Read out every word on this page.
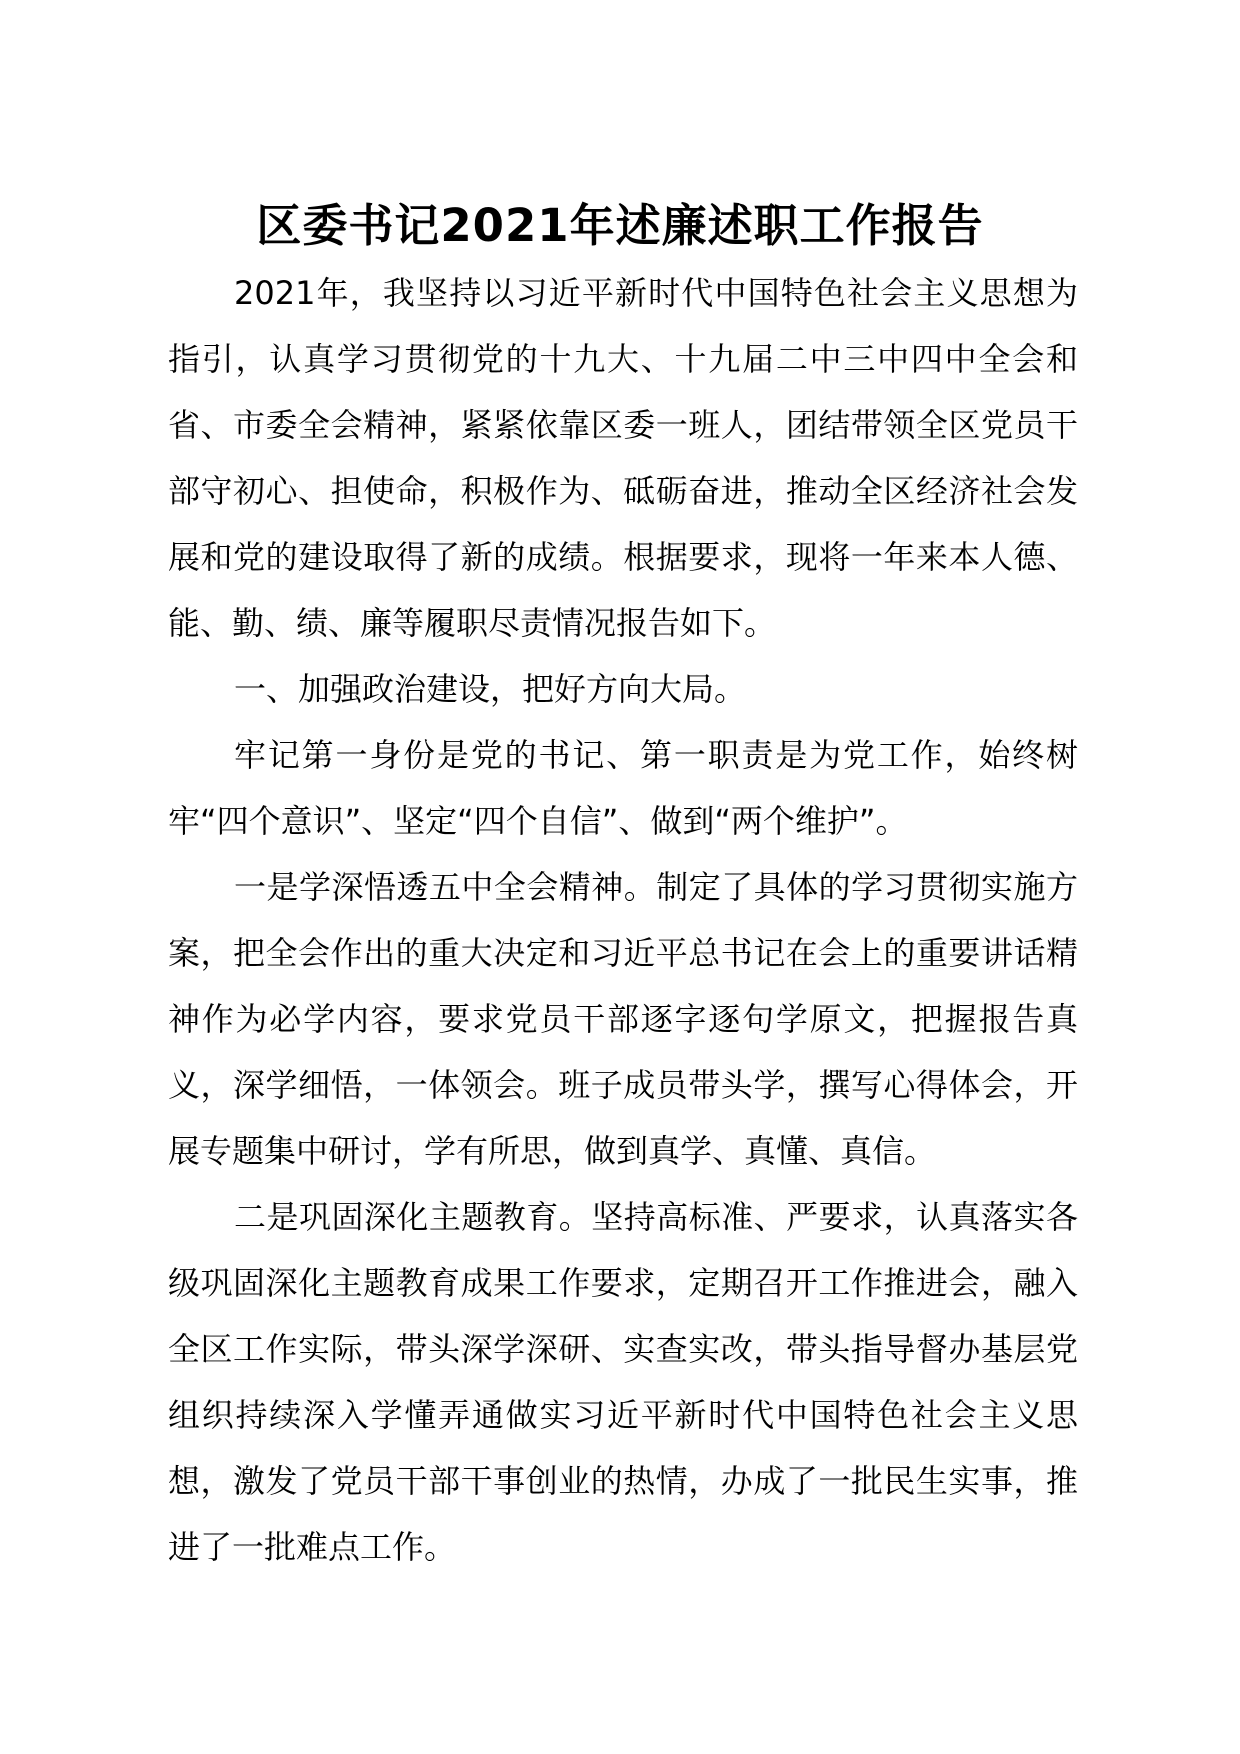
区委书记2021年述廉述职工作报告

2021年，我坚持以习近平新时代中国特色社会主义思想为指引，认真学习贯彻党的十九大、十九届二中三中四中全会和省、市委全会精神，紧紧依靠区委一班人，团结带领全区党员干部守初心、担使命，积极作为、砥砺奋进，推动全区经济社会发展和党的建设取得了新的成绩。根据要求，现将一年来本人德、能、勤、绩、廉等履职尽责情况报告如下。

一、加强政治建设，把好方向大局。

牢记第一身份是党的书记、第一职责是为党工作，始终树牢“四个意识”、坚定“四个自信”、做到“两个维护”。

一是学深悟透五中全会精神。制定了具体的学习贯彻实施方案，把全会作出的重大决定和习近平总书记在会上的重要讲话精神作为必学内容，要求党员干部逐字逐句学原文，把握报告真义，深学细悟，一体领会。班子成员带头学，撰写心得体会，开展专题集中研讨，学有所思，做到真学、真懂、真信。

二是巩固深化主题教育。坚持高标准、严要求，认真落实各级巩固深化主题教育成果工作要求，定期召开工作推进会，融入全区工作实际，带头深学深研、实查实改，带头指导督办基层党组织持续深入学懂弄通做实习近平新时代中国特色社会主义思想，激发了党员干部干事创业的热情，办成了一批民生实事，推进了一批难点工作。
